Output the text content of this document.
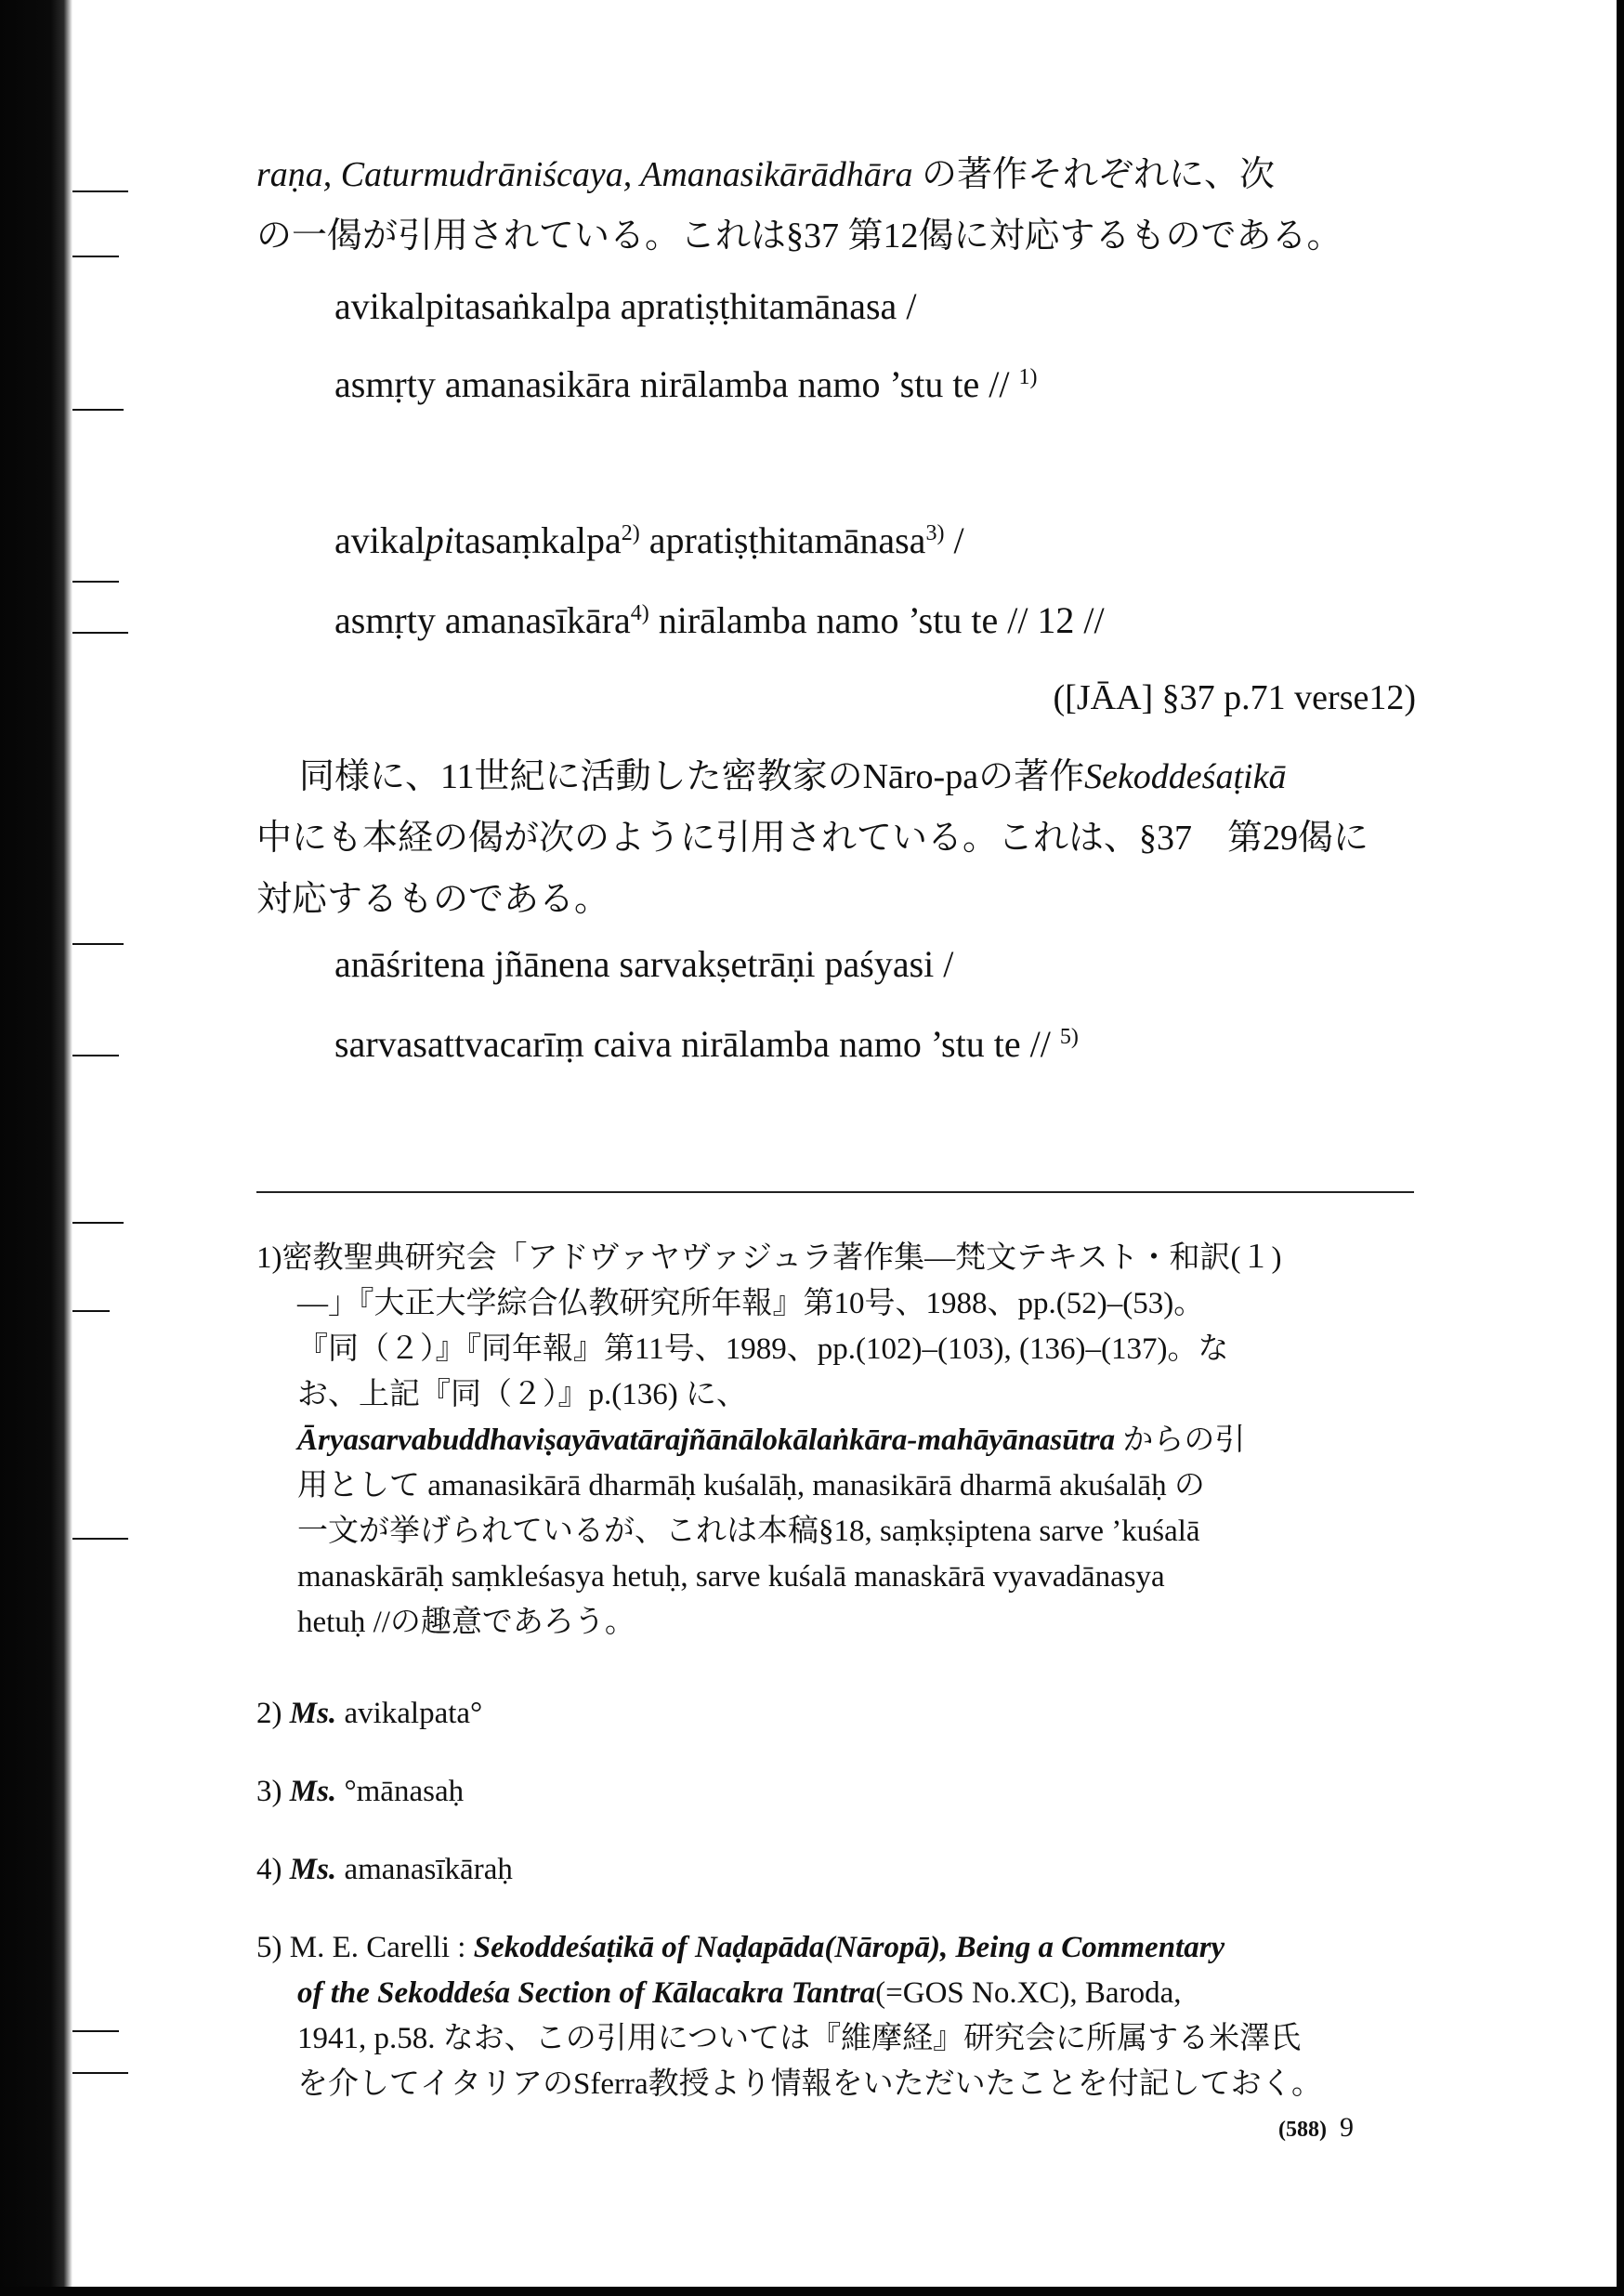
raṇa, Caturmudrāniścaya, Amanasikārādhāra の著作それぞれに、次

の一偈が引用されている。これは§37 第12偈に対応するものである。

avikalpitasaṅkalpa apratiṣṭhitamānasa /
asmṛty amanasikāra nirālamba namo ’stu te // $^{1)}$
avikalpitasaṃkalpa$^{2)}$ apratiṣṭhitamānasa$^{3)}$ /
asmṛty amanasīkāra$^{4)}$ nirālamba namo ’stu te // 12 //
([JĀA] §37 p.71 verse12)

同様に、11世紀に活動した密教家のNāro-paの著作Sekoddeśaṭikā

中にも本経の偈が次のように引用されている。これは、§37　第29偈に

対応するものである。

anāśritena jñānena sarvakṣetrāṇi paśyasi /
sarvasattvacarīṃ caiva nirālamba namo ’stu te // $^{5)}$
1)密教聖典研究会「アドヴァヤヴァジュラ著作集―梵文テキスト・和訳(１)
―」『大正大学綜合仏教研究所年報』第10号、1988、pp.(52)–(53)。
『同（２）』『同年報』第11号、1989、pp.(102)–(103), (136)–(137)。な
お、上記『同（２）』p.(136) に、
Āryasarvabuddhaviṣayāvatārajñānālokālaṅkāra-mahāyānasūtra からの引
用として amanasikārā dharmāḥ kuśalāḥ, manasikārā dharmā akuśalāḥ の
一文が挙げられているが、これは本稿§18, saṃkṣiptena sarve ’kuśalā
manaskārāḥ saṃkleśasya hetuḥ, sarve kuśalā manaskārā vyavadānasya
hetuḥ //の趣意であろう。
2) Ms. avikalpata°
3) Ms. °mānasaḥ
4) Ms. amanasīkāraḥ
5) M. E. Carelli : Sekoddeśaṭikā of Naḍapāda(Nāropā), Being a Commentary
of the Sekoddeśa Section of Kālacakra Tantra(=GOS No.XC), Baroda,
1941, p.58. なお、この引用については『維摩経』研究会に所属する米澤氏
を介してイタリアのSferra教授より情報をいただいたことを付記しておく。
(588) 9
